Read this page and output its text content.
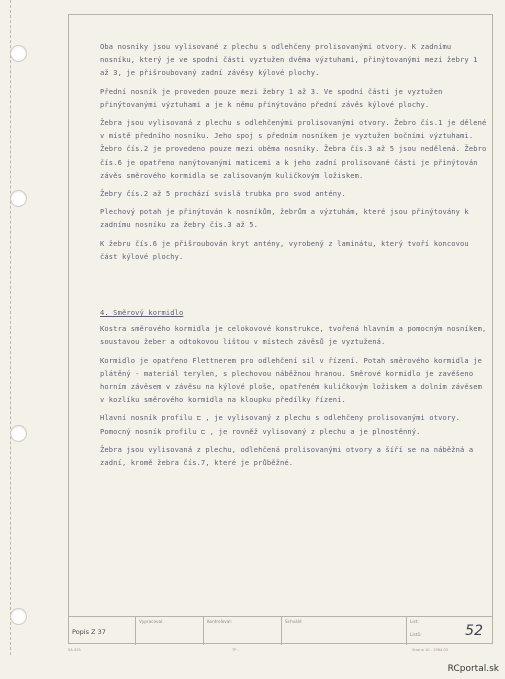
Oba nosníky jsou vylisované z plechu s odlehčeny prolisovanými otvory. K zadnímu nosníku, který je ve spodní části vyztužen dvěma výztuhami, přinýtovanými mezi žebry 1 až 3, je přišroubovaný zadní závěsy kýlové plochy.

Přední nosník je proveden pouze mezi žebry 1 až 3. Ve spodní části je vyztužen přinýtovanými výztuhami a je k němu přinýtováno přední závěs kýlové plochy.

Žebra jsou vylisovaná z plechu s odlehčenými prolisovanými otvory. Žebro čís.1 je dělené v místě předního nosníku. Jeho spoj s předním nosníkem je vyztužen bočními výztuhami. Žebro čís.2 je provedeno pouze mezi oběma nosníky. Žebra čís.3 až 5 jsou nedělená. Žebro čís.6 je opatřeno nanýtovanými maticemi a k jeho zadní prolisované části je přinýtován závěs směrového kormidla se zalisovaným kuličkovým ložiskem.

Žebry čís.2 až 5 prochází svislá trubka pro svod antény.

Plechový potah je přinýtován k nosníkům, žebrům a výztuhám, které jsou přinýtovány k zadnímu nosníku za žebry čís.3 až 5.

K žebru čís.6 je přišroubován kryt antény, vyrobený z laminátu, který tvoří koncovou část kýlové plochy.

4. Směrový kormidlo

Kostra směrového kormidla je celokovové konstrukce, tvořená hlavním a pomocným nosníkem, soustavou žeber a odtokovou lištou v místech závěsů je vyztužená.

Kormidlo je opatřeno Flettnerem pro odlehčení sil v řízení. Potah směrového kormidla je plátěný - materiál terylen, s plechovou náběžnou hranou. Směrové kormidlo je zavěšeno horním závěsem v závěsu na kýlové ploše, opatřeném kuličkovým ložiskem a dolním závěsem v kozlíku směrového kormidla na kloupku předílky řízení.

Hlavní nosník profilu ⊏ , je vylisovaný z plechu s odlehčeny prolisovanými otvory. Pomocný nosník profilu ⊏ , je rovněž vylisovaný z plechu a je plnostěnný.

Žebra jsou vylisovaná z plechu, odlehčená prolisovanými otvory a šíří se na náběžná a zadní, kromě žebra čís.7, které je průběžné.

Popis Z 37
Vypracoval:	Kontroloval:	Schválil:	List:
Listů:	52
SA 425	TP -	Strana 10 - 1964 05
RCportal.sk
